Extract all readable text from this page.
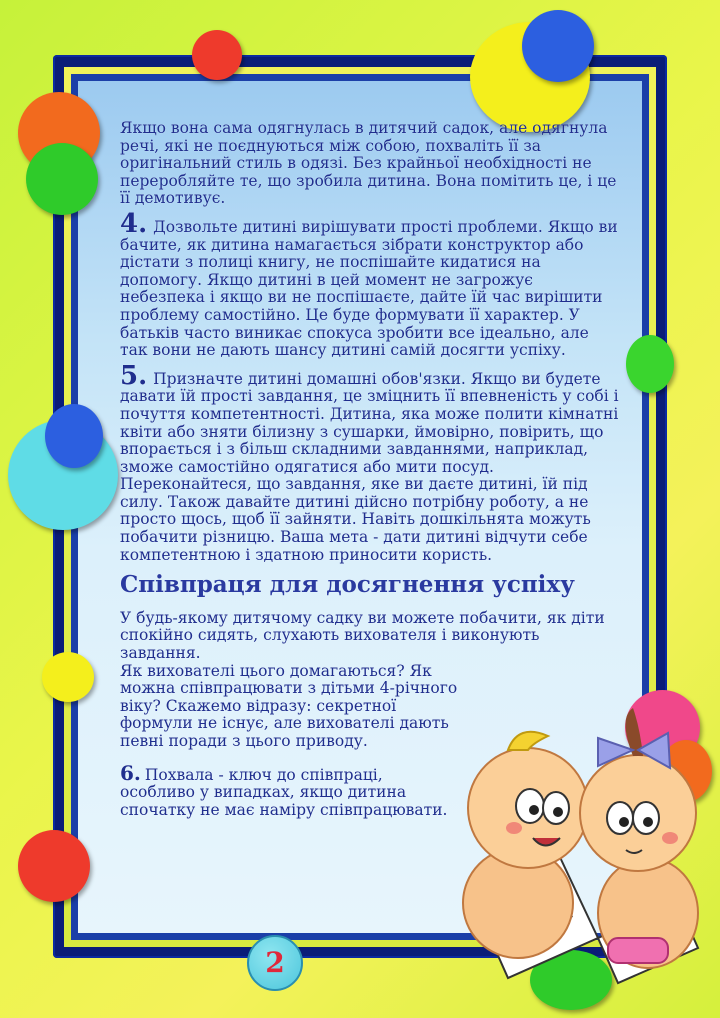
Якщо вона сама одягнулась в дитячий садок, але одягнула речі, які не поєднуються між собою, похваліть її за оригінальний стиль в одязі. Без крайньої необхідності не переробляйте те, що зробила дитина. Вона помітить це, і це її демотивує.

4. Дозвольте дитині вирішувати прості проблеми. Якщо ви бачите, як дитина намагається зібрати конструктор або дістати з полиці книгу, не поспішайте кидатися на допомогу. Якщо дитині в цей момент не загрожує небезпека і якщо ви не поспішаєте, дайте їй час вирішити проблему самостійно. Це буде формувати її характер. У батьків часто виникає спокуса зробити все ідеально, але так вони не дають шансу дитині самій досягти успіху.

5. Призначте дитині домашні обов'язки. Якщо ви будете давати їй прості завдання, це зміцнить її впевненість у собі і почуття компетентності. Дитина, яка може полити кімнатні квіти або зняти білизну з сушарки, ймовірно, повірить, що впорається і з більш складними завданнями, наприклад, зможе самостійно одягатися або мити посуд. Переконайтеся, що завдання, яке ви даєте дитині, їй під силу. Також давайте дитині дійсно потрібну роботу, а не просто щось, щоб її зайняти. Навіть дошкільнята можуть побачити різницю. Ваша мета - дати дитині відчути себе компетентною і здатною приносити користь.

Співпраця для досягнення успіху

У будь-якому дитячому садку ви можете побачити, як діти спокійно сидять, слухають вихователя і виконують завдання.

Як вихователі цього домагаються? Як можна співпрацювати з дітьми 4-річного віку? Скажемо відразу: секретної формули не існує, але вихователі дають певні поради з цього приводу.

6. Похвала - ключ до співпраці, особливо у випадках, якщо дитина спочатку не має наміру співпрацювати.

2
